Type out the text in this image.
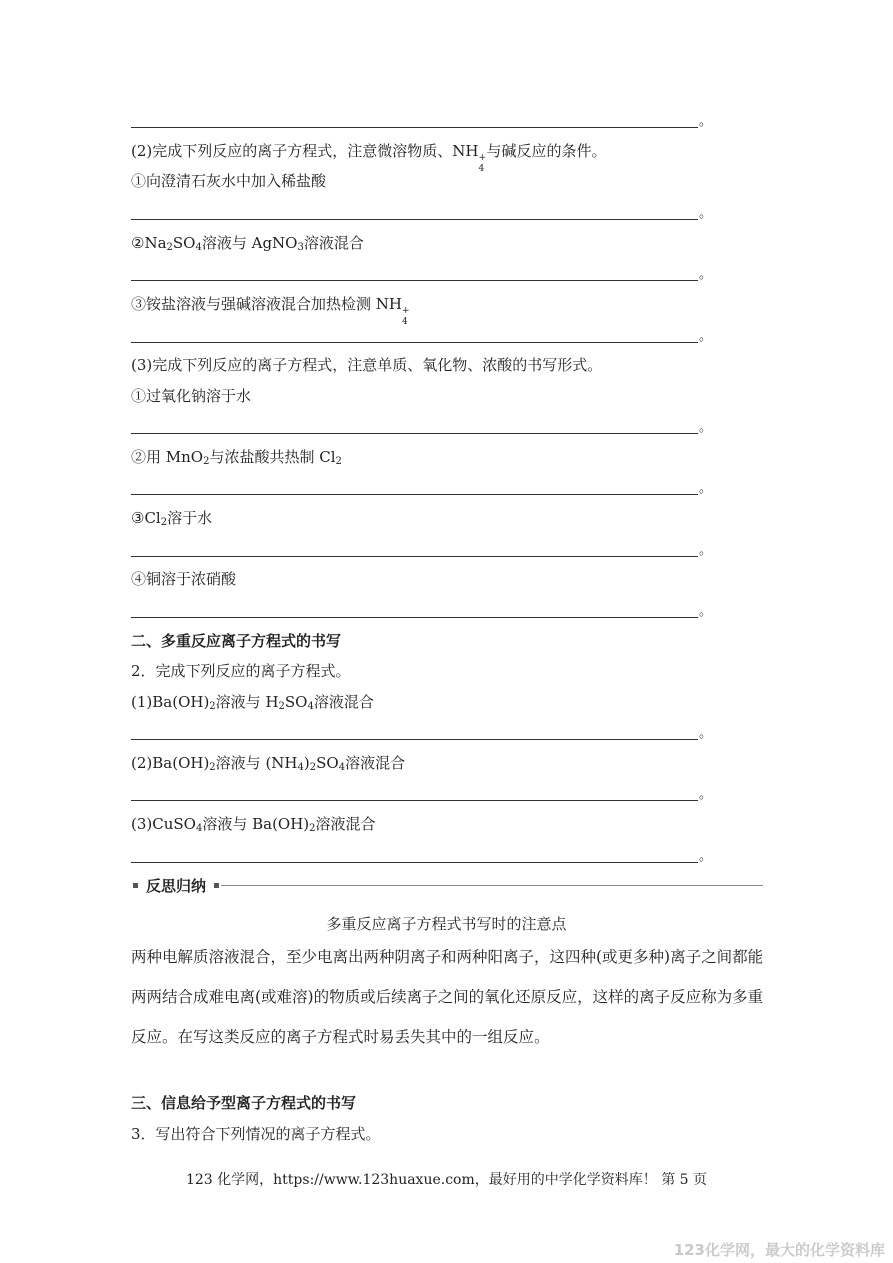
。
(2)完成下列反应的离子方程式，注意微溶物质、NH +
4
与碱反应的条件。
①向澄清石灰水中加入稀盐酸
。
$②Na_2SO_4$溶液与 AgNO$_3$溶液混合
。
③铵盐溶液与强碱溶液混合加热检测 NH +
4
。
(3)完成下列反应的离子方程式，注意单质、氧化物、浓酸的书写形式。
①过氧化钠溶于水
。
②用 MnO$_2$与浓盐酸共热制 $Cl_2$
。
$③Cl_2$溶于水
。
④铜溶于浓硝酸
。
二、多重反应离子方程式的书写
2．完成下列反应的离子方程式。
$(1)Ba(OH)_2$溶液与 $H_2SO_4$溶液混合
。
$(2)Ba(OH)_2$溶液与 $(NH_4)_2SO_4$溶液混合
。
(3)CuSO$_4$溶液与 $Ba(OH)_2$溶液混合
。
反思归纳
多重反应离子方程式书写时的注意点
两种电解质溶液混合，至少电离出两种阴离子和两种阳离子，这四种(或更多种)离子之间都能两两结合成难电离(或难溶)的物质或后续离子之间的氧化还原反应，这样的离子反应称为多重反应。在写这类反应的离子方程式时易丢失其中的一组反应。
三、信息给予型离子方程式的书写
3．写出符合下列情况的离子方程式。
123 化学网，https://www.123huaxue.com，最好用的中学化学资料库！ 第 5 页
123化学网，最大的化学资料库
